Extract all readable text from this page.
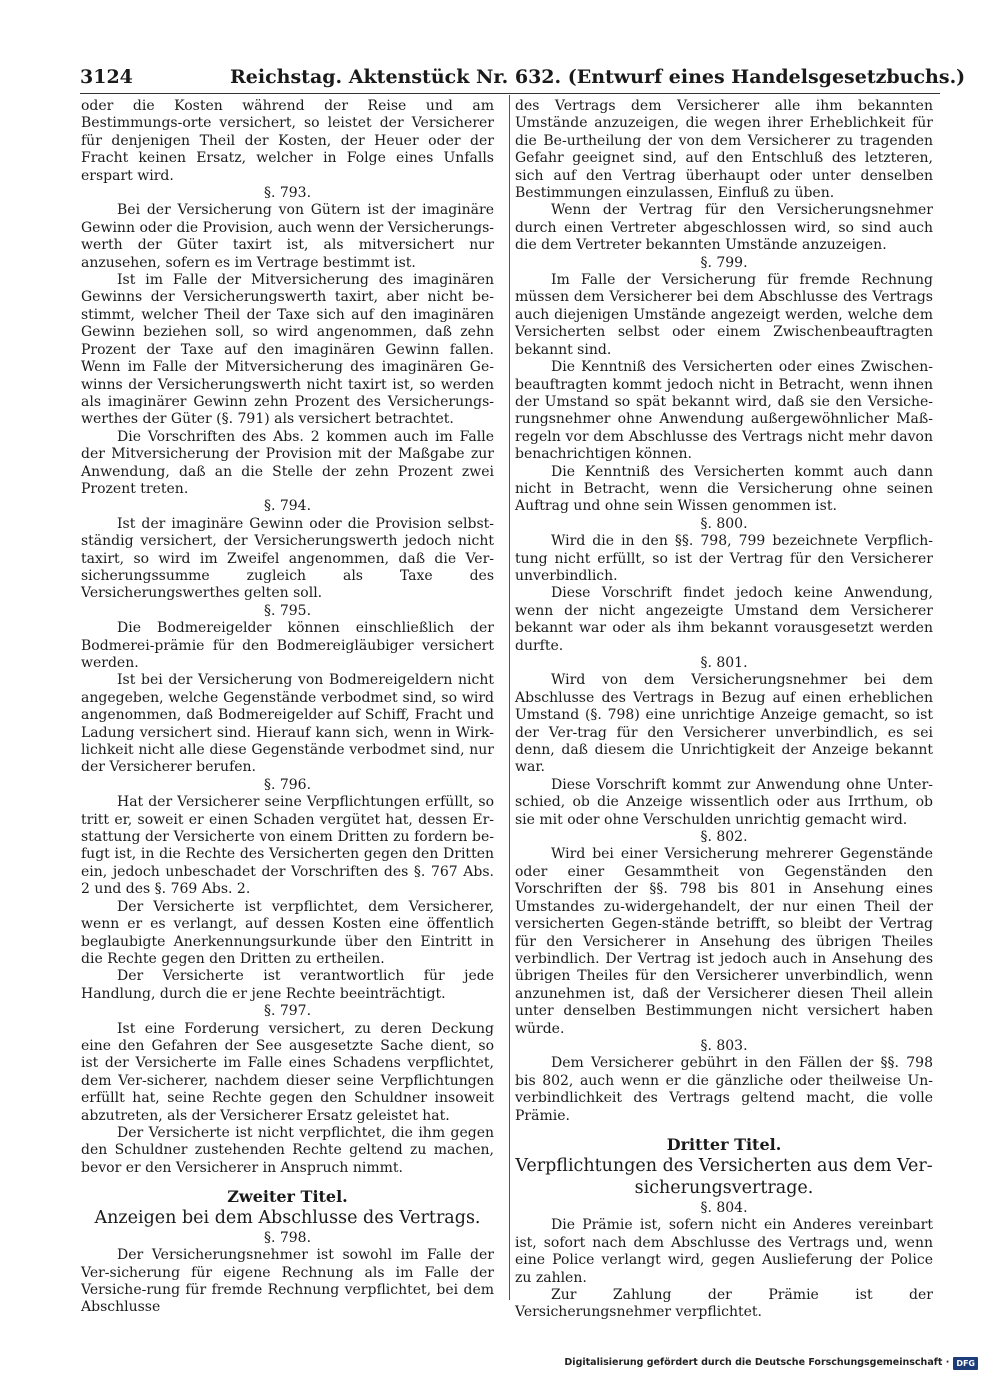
3124	Reichstag. Aktenstück Nr. 632. (Entwurf eines Handelsgesetzbuchs.)

oder die Kosten während der Reise und am Bestimmungs-orte versichert, so leistet der Versicherer für denjenigen Theil der Kosten, der Heuer oder der Fracht keinen Ersatz, welcher in Folge eines Unfalls erspart wird.

§. 793.

Bei der Versicherung von Gütern ist der imaginäre Gewinn oder die Provision, auch wenn der Versicherungs-werth der Güter taxirt ist, als mitversichert nur anzusehen, sofern es im Vertrage bestimmt ist.

Ist im Falle der Mitversicherung des imaginären Gewinns der Versicherungswerth taxirt, aber nicht be-stimmt, welcher Theil der Taxe sich auf den imaginären Gewinn beziehen soll, so wird angenommen, daß zehn Prozent der Taxe auf den imaginären Gewinn fallen. Wenn im Falle der Mitversicherung des imaginären Ge-winns der Versicherungswerth nicht taxirt ist, so werden als imaginärer Gewinn zehn Prozent des Versicherungs-werthes der Güter (§. 791) als versichert betrachtet.

Die Vorschriften des Abs. 2 kommen auch im Falle der Mitversicherung der Provision mit der Maßgabe zur Anwendung, daß an die Stelle der zehn Prozent zwei Prozent treten.

§. 794.

Ist der imaginäre Gewinn oder die Provision selbst-ständig versichert, der Versicherungswerth jedoch nicht taxirt, so wird im Zweifel angenommen, daß die Ver-sicherungssumme zugleich als Taxe des Versicherungswerthes gelten soll.

§. 795.

Die Bodmereigelder können einschließlich der Bodmerei-prämie für den Bodmereigläubiger versichert werden.

Ist bei der Versicherung von Bodmereigeldern nicht angegeben, welche Gegenstände verbodmet sind, so wird angenommen, daß Bodmereigelder auf Schiff, Fracht und Ladung versichert sind. Hierauf kann sich, wenn in Wirk-lichkeit nicht alle diese Gegenstände verbodmet sind, nur der Versicherer berufen.

§. 796.

Hat der Versicherer seine Verpflichtungen erfüllt, so tritt er, soweit er einen Schaden vergütet hat, dessen Er-stattung der Versicherte von einem Dritten zu fordern be-fugt ist, in die Rechte des Versicherten gegen den Dritten ein, jedoch unbeschadet der Vorschriften des §. 767 Abs. 2 und des §. 769 Abs. 2.

Der Versicherte ist verpflichtet, dem Versicherer, wenn er es verlangt, auf dessen Kosten eine öffentlich beglaubigte Anerkennungsurkunde über den Eintritt in die Rechte gegen den Dritten zu ertheilen.

Der Versicherte ist verantwortlich für jede Handlung, durch die er jene Rechte beeinträchtigt.

§. 797.

Ist eine Forderung versichert, zu deren Deckung eine den Gefahren der See ausgesetzte Sache dient, so ist der Versicherte im Falle eines Schadens verpflichtet, dem Ver-sicherer, nachdem dieser seine Verpflichtungen erfüllt hat, seine Rechte gegen den Schuldner insoweit abzutreten, als der Versicherer Ersatz geleistet hat.

Der Versicherte ist nicht verpflichtet, die ihm gegen den Schuldner zustehenden Rechte geltend zu machen, bevor er den Versicherer in Anspruch nimmt.

Zweiter Titel.

Anzeigen bei dem Abschlusse des Vertrags.

§. 798.

Der Versicherungsnehmer ist sowohl im Falle der Ver-sicherung für eigene Rechnung als im Falle der Versiche-rung für fremde Rechnung verpflichtet, bei dem Abschlusse

des Vertrags dem Versicherer alle ihm bekannten Umstände anzuzeigen, die wegen ihrer Erheblichkeit für die Be-urtheilung der von dem Versicherer zu tragenden Gefahr geeignet sind, auf den Entschluß des letzteren, sich auf den Vertrag überhaupt oder unter denselben Bestimmungen einzulassen, Einfluß zu üben.

Wenn der Vertrag für den Versicherungsnehmer durch einen Vertreter abgeschlossen wird, so sind auch die dem Vertreter bekannten Umstände anzuzeigen.

§. 799.

Im Falle der Versicherung für fremde Rechnung müssen dem Versicherer bei dem Abschlusse des Vertrags auch diejenigen Umstände angezeigt werden, welche dem Versicherten selbst oder einem Zwischenbeauftragten bekannt sind.

Die Kenntniß des Versicherten oder eines Zwischen-beauftragten kommt jedoch nicht in Betracht, wenn ihnen der Umstand so spät bekannt wird, daß sie den Versiche-rungsnehmer ohne Anwendung außergewöhnlicher Maß-regeln vor dem Abschlusse des Vertrags nicht mehr davon benachrichtigen können.

Die Kenntniß des Versicherten kommt auch dann nicht in Betracht, wenn die Versicherung ohne seinen Auftrag und ohne sein Wissen genommen ist.

§. 800.

Wird die in den §§. 798, 799 bezeichnete Verpflich-tung nicht erfüllt, so ist der Vertrag für den Versicherer unverbindlich.

Diese Vorschrift findet jedoch keine Anwendung, wenn der nicht angezeigte Umstand dem Versicherer bekannt war oder als ihm bekannt vorausgesetzt werden durfte.

§. 801.

Wird von dem Versicherungsnehmer bei dem Abschlusse des Vertrags in Bezug auf einen erheblichen Umstand (§. 798) eine unrichtige Anzeige gemacht, so ist der Ver-trag für den Versicherer unverbindlich, es sei denn, daß diesem die Unrichtigkeit der Anzeige bekannt war.

Diese Vorschrift kommt zur Anwendung ohne Unter-schied, ob die Anzeige wissentlich oder aus Irrthum, ob sie mit oder ohne Verschulden unrichtig gemacht wird.

§. 802.

Wird bei einer Versicherung mehrerer Gegenstände oder einer Gesammtheit von Gegenständen den Vorschriften der §§. 798 bis 801 in Ansehung eines Umstandes zu-widergehandelt, der nur einen Theil der versicherten Gegen-stände betrifft, so bleibt der Vertrag für den Versicherer in Ansehung des übrigen Theiles verbindlich. Der Vertrag ist jedoch auch in Ansehung des übrigen Theiles für den Versicherer unverbindlich, wenn anzunehmen ist, daß der Versicherer diesen Theil allein unter denselben Bestimmungen nicht versichert haben würde.

§. 803.

Dem Versicherer gebührt in den Fällen der §§. 798 bis 802, auch wenn er die gänzliche oder theilweise Un-verbindlichkeit des Vertrags geltend macht, die volle Prämie.

Dritter Titel.

Verpflichtungen des Versicherten aus dem Ver-sicherungsvertrage.

§. 804.

Die Prämie ist, sofern nicht ein Anderes vereinbart ist, sofort nach dem Abschlusse des Vertrags und, wenn eine Police verlangt wird, gegen Auslieferung der Police zu zahlen.

Zur Zahlung der Prämie ist der Versicherungsnehmer verpflichtet.

Digitalisierung gefördert durch die Deutsche Forschungsgemeinschaft · DFG
